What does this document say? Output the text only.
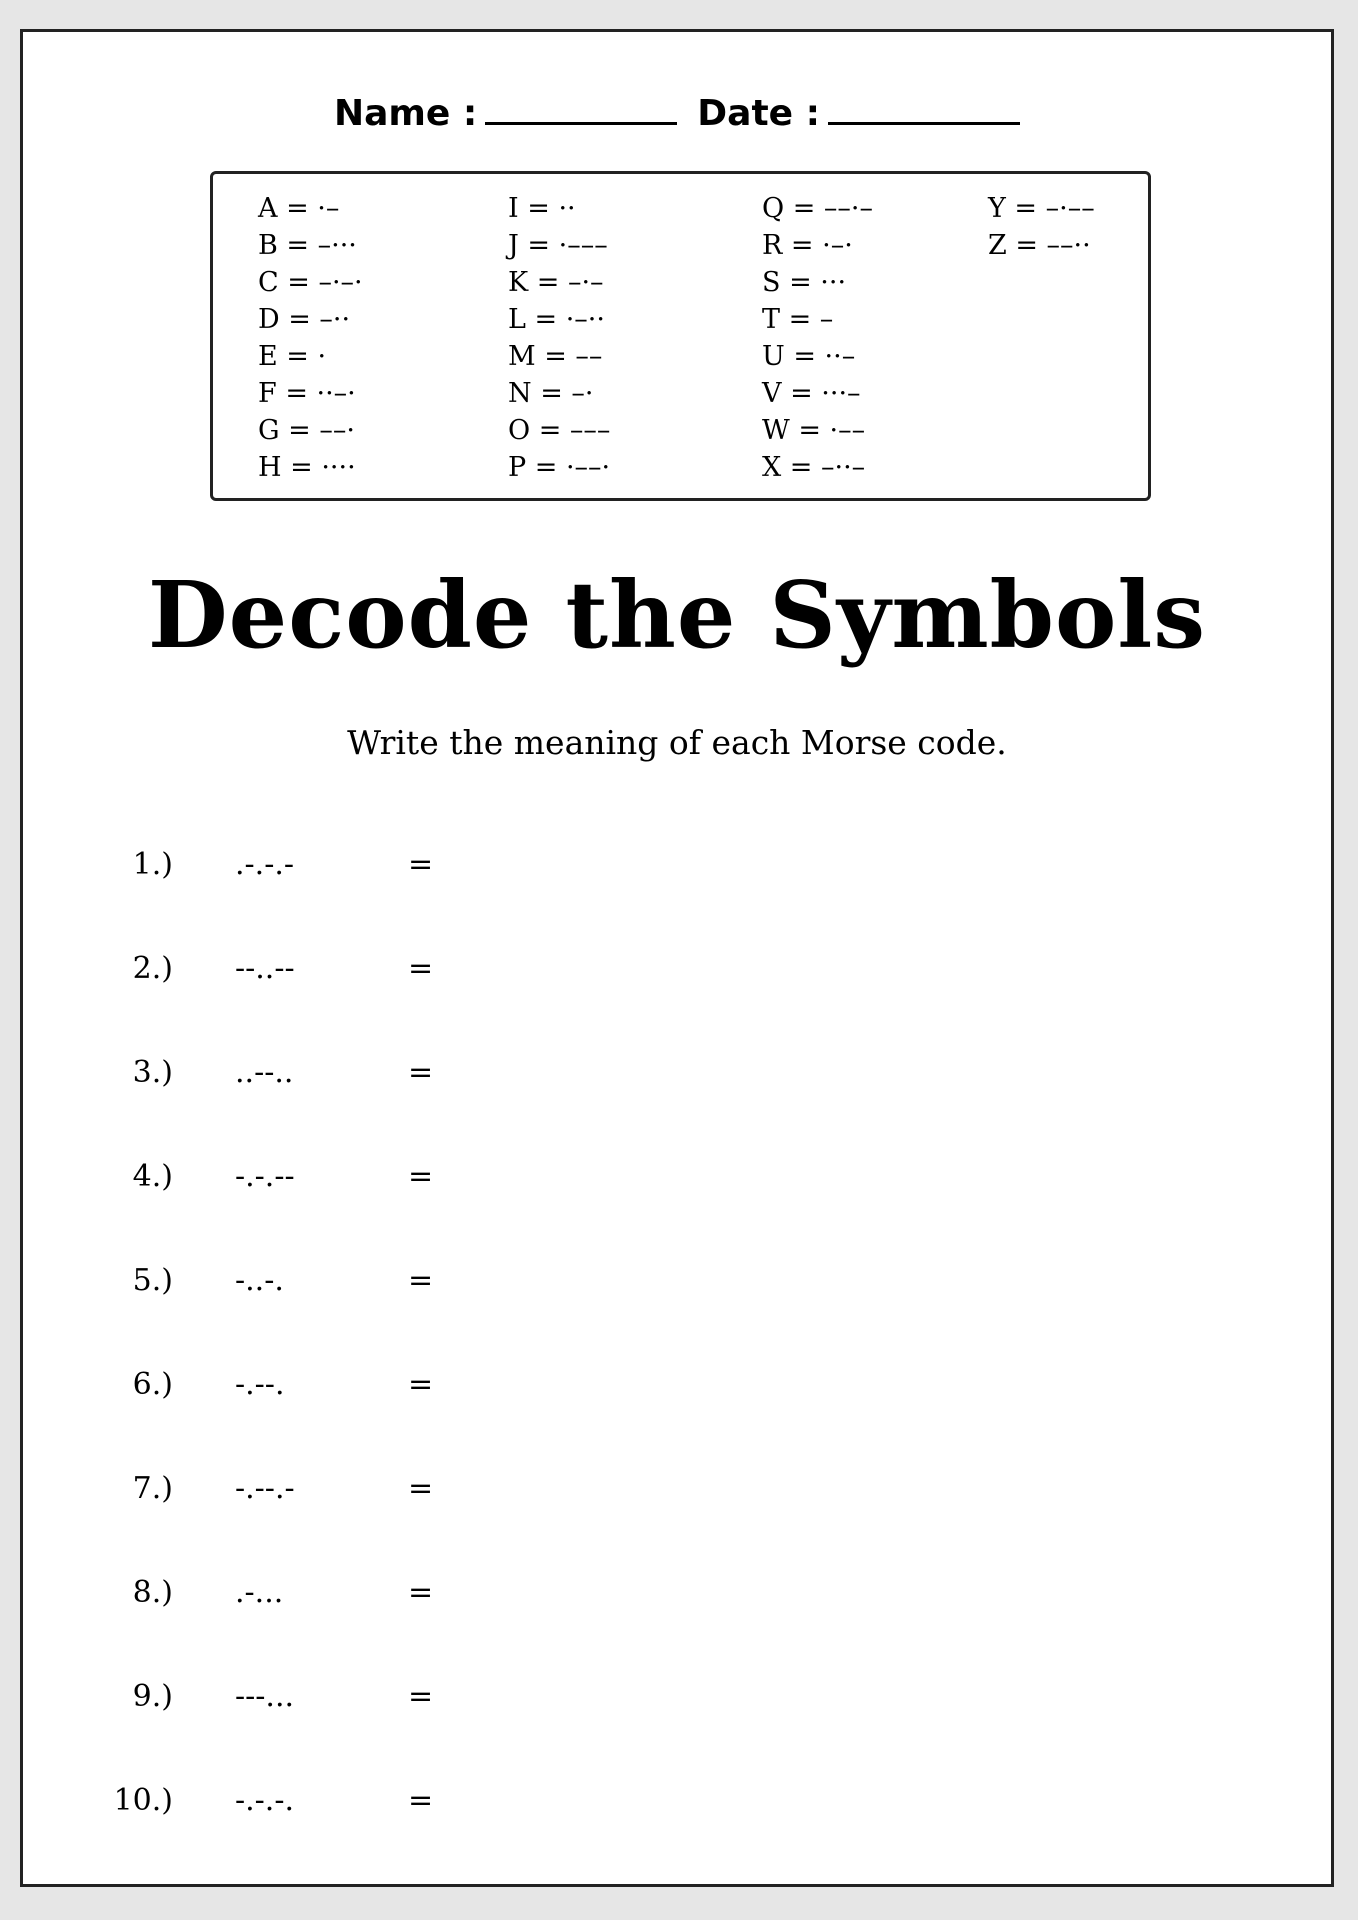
Name :	Date :
A = ·–
B = –···
C = –·–·
D = –··
E = ·
F = ··–·
G = ––·
H = ····
I = ··
J = ·–––
K = –·–
L = ·–··
M = ––
N = –·
O = –––
P = ·––·
Q = ––·–
R = ·–·
S = ···
T = –
U = ··–
V = ···–
W = ·––
X = –··–
Y = –·––
Z = ––··
Decode the Symbols
Write the meaning of each Morse code.
1.) .-.-.-	=
2.) --..--	=
3.) ..--..	=
4.) -.-.--	=
5.) -..-.	=
6.) -.--.	=
7.) -.--.-	=
8.) .-...	=
9.) ---...	=
10.) -.-.-.	=
